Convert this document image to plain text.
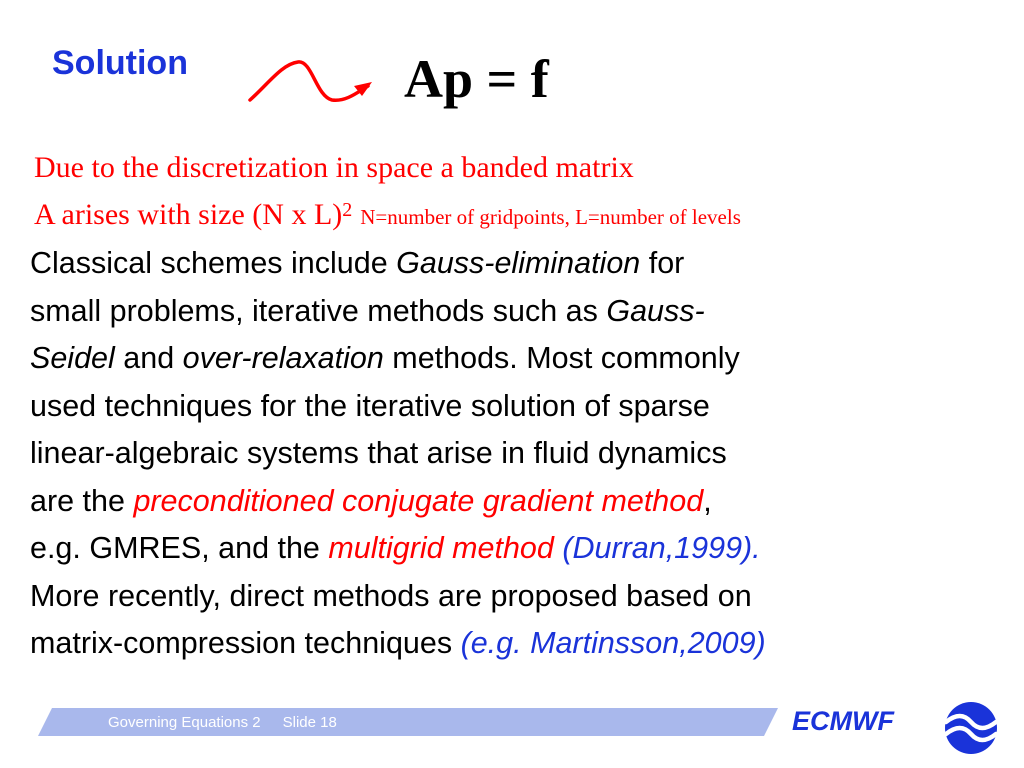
Solution	Ap = f
Due to the discretization in space a banded matrix
A arises with size (N x L)$^2$ N=number of gridpoints, L=number of levels
Classical schemes include Gauss-elimination for
small problems, iterative methods such as Gauss-
Seidel and over-relaxation methods. Most commonly
used techniques for the iterative solution of sparse
linear-algebraic systems that arise in fluid dynamics
are the preconditioned conjugate gradient method,
e.g. GMRES, and the multigrid method (Durran,1999).
More recently, direct methods are proposed based on
matrix-compression techniques (e.g. Martinsson,2009)
Governing Equations 2 Slide 18	ECMWF
